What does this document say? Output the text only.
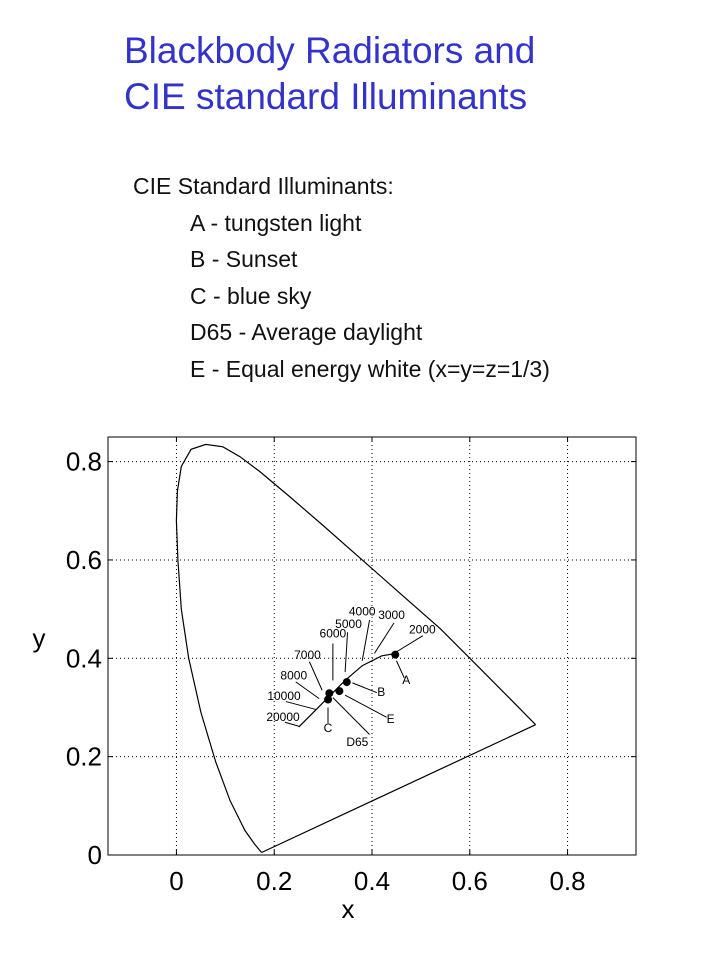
Blackbody Radiators and
CIE standard Illuminants
CIE Standard Illuminants:
A - tungsten light
B - Sunset
C - blue sky
D65 - Average daylight
E - Equal energy white (x=y=z=1/3)
0	0.2 0.4 0.6 0.8
0
0.2
0.4
0.6
0.8
x
y
20000
10000
8000
7000
6000
5000
4000 3000
2000
A
B
E
C
D65
